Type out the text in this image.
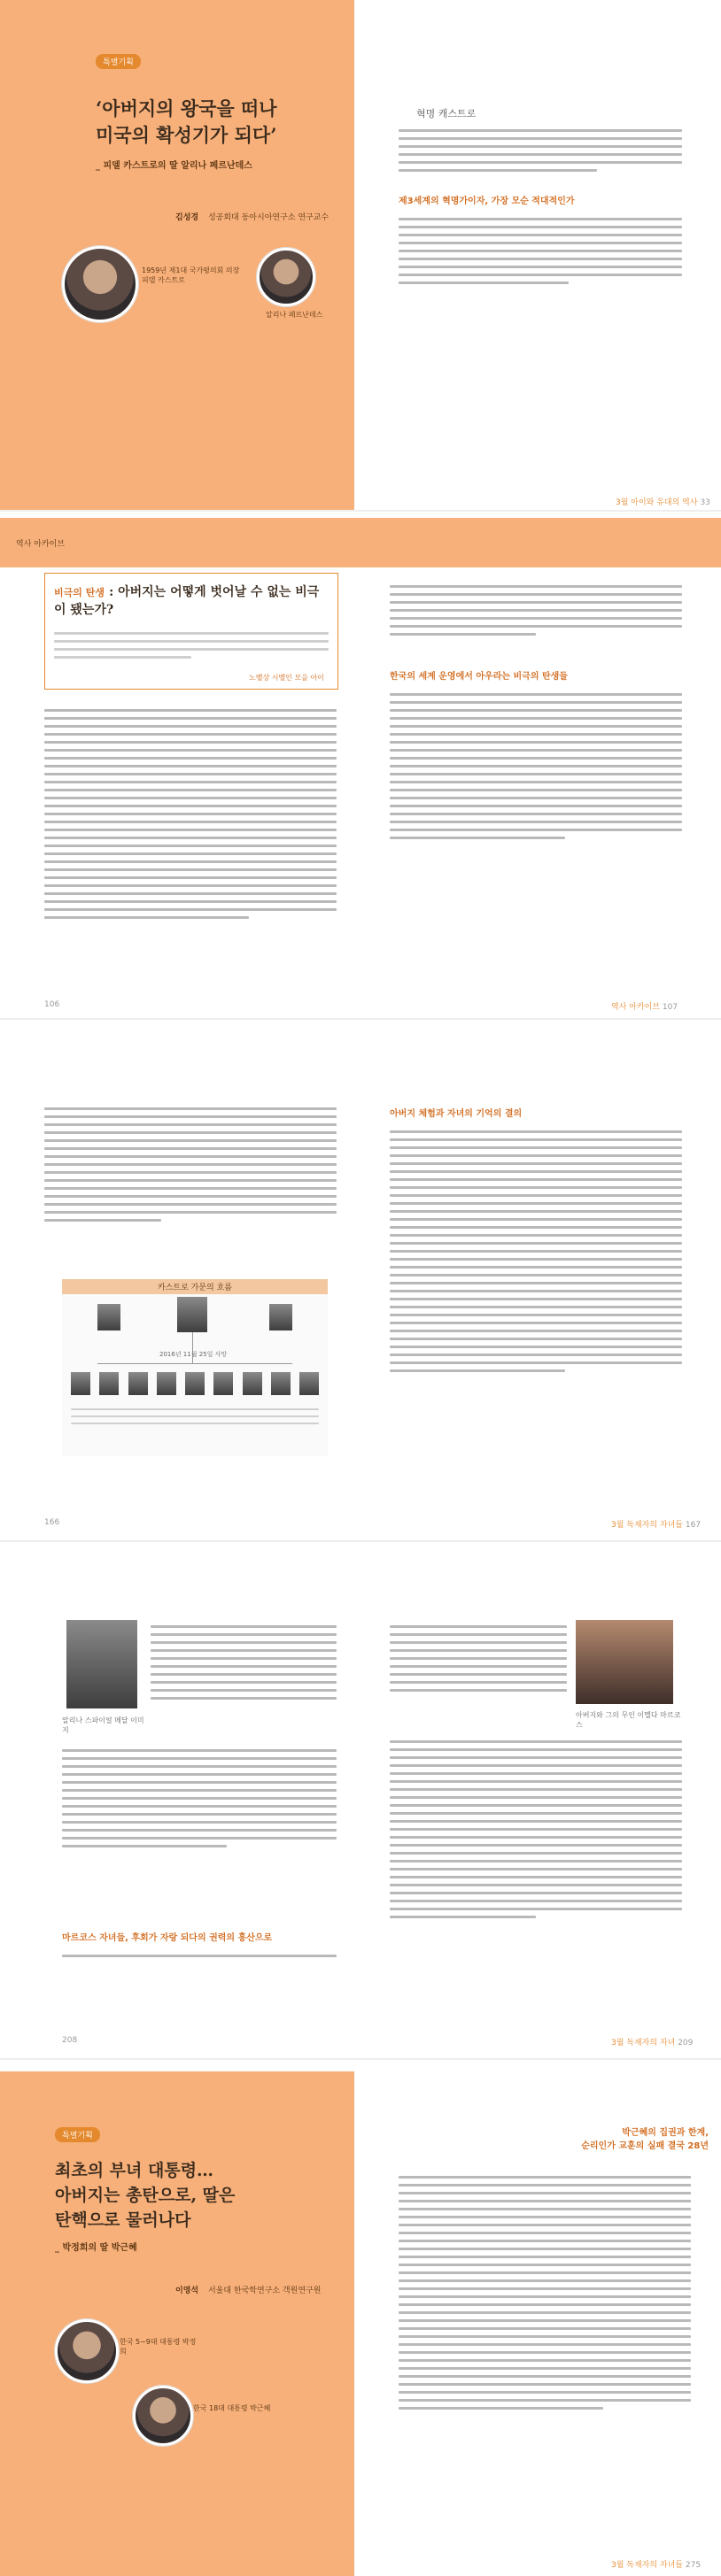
특별기획
‘아버지의 왕국을 떠나
미국의 확성기가 되다’
_ 피델 카스트로의 딸 알리나 페르난데스
김성경 성공회대 동아시아연구소 연구교수
1959년 제1대 국가평의회 의장 피델 카스트로
알리나 페르난데스
혁명 캐스트로
제3세계의 혁명가이자, 가장 모순 적대적인가
3월 아이와 유대의 역사 33
역사 아카이브
비극의 탄생 : 아버지는 어떻게 벗어날 수 없는 비극이 됐는가?
노벨상 시벨인 모을 아이	한국의 세계 운영에서 아우라는 비극의 탄생들
106	역사 아카이브 107
카스트로 가문의 흐름
2016년 11월 25일 사망
아버지 체험과 자녀의 기억의 결의
166	3월 독재자의 자녀들 167
알리나 스파이얼 메달 이미지
마르코스 자녀들, 후회가 자랑 되다의 권력의 흥산으로
아버지와 그의 무인 이멜다 마르코스
208	3월 독재자의 자녀 209
특별기획
최초의 부녀 대통령…
아버지는 총탄으로, 딸은
탄핵으로 물러나다
_ 박정희의 딸 박근혜
이영석 서울대 한국학연구소 객원연구원
한국 5~9대 대통령 박정희
한국 18대 대통령 박근혜
박근혜의 집권과 한계,
순리인가 교훈의 실패 결국 28년
3월 독재자의 자녀들 275
